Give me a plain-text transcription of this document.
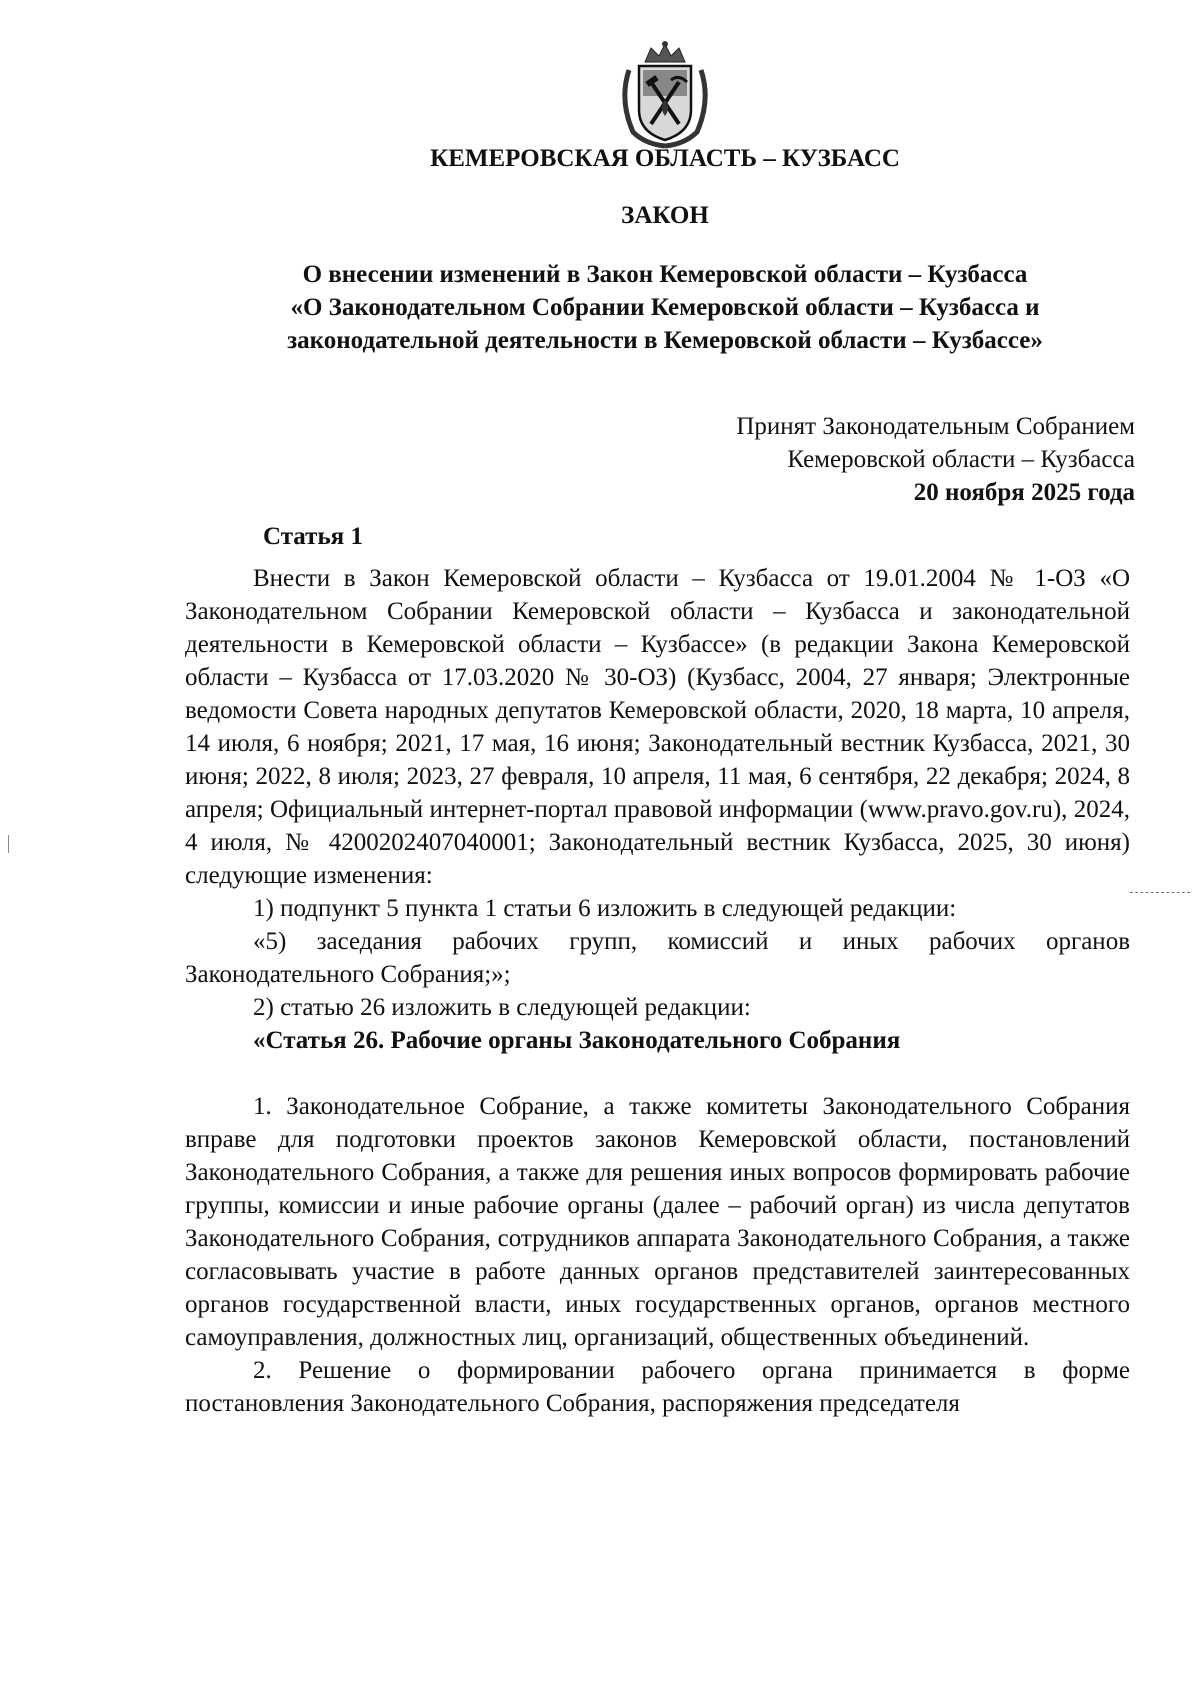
КЕМЕРОВСКАЯ ОБЛАСТЬ – КУЗБАСС
ЗАКОН
О внесении изменений в Закон Кемеровской области – Кузбасса
«О Законодательном Собрании Кемеровской области – Кузбасса и
законодательной деятельности в Кемеровской области – Кузбассе»
Принят Законодательным Собранием
Кемеровской области – Кузбасса
20 ноября 2025 года

Статья 1

Внести в Закон Кемеровской области – Кузбасса от 19.01.2004 № 1-ОЗ «О Законодательном Собрании Кемеровской области – Кузбасса и законодательной деятельности в Кемеровской области – Кузбассе» (в редакции Закона Кемеровской области – Кузбасса от 17.03.2020 № 30-ОЗ) (Кузбасс, 2004, 27 января; Электронные ведомости Совета народных депутатов Кемеровской области, 2020, 18 марта, 10 апреля, 14 июля, 6 ноября; 2021, 17 мая, 16 июня; Законодательный вестник Кузбасса, 2021, 30 июня; 2022, 8 июля; 2023, 27 февраля, 10 апреля, 11 мая, 6 сентября, 22 декабря; 2024, 8 апреля; Официальный интернет-портал правовой информации (www.pravo.gov.ru), 2024, 4 июля, № 4200202407040001; Законодательный вестник Кузбасса, 2025, 30 июня) следующие изменения:

1) подпункт 5 пункта 1 статьи 6 изложить в следующей редакции:

«5) заседания рабочих групп, комиссий и иных рабочих органов Законодательного Собрания;»;

2) статью 26 изложить в следующей редакции:

«Статья 26. Рабочие органы Законодательного Собрания

1. Законодательное Собрание, а также комитеты Законодательного Собрания вправе для подготовки проектов законов Кемеровской области, постановлений Законодательного Собрания, а также для решения иных вопросов формировать рабочие группы, комиссии и иные рабочие органы (далее – рабочий орган) из числа депутатов Законодательного Собрания, сотрудников аппарата Законодательного Собрания, а также согласовывать участие в работе данных органов представителей заинтересованных органов государственной власти, иных государственных органов, органов местного самоуправления, должностных лиц, организаций, общественных объединений.

2. Решение о формировании рабочего органа принимается в форме постановления Законодательного Собрания, распоряжения председателя
